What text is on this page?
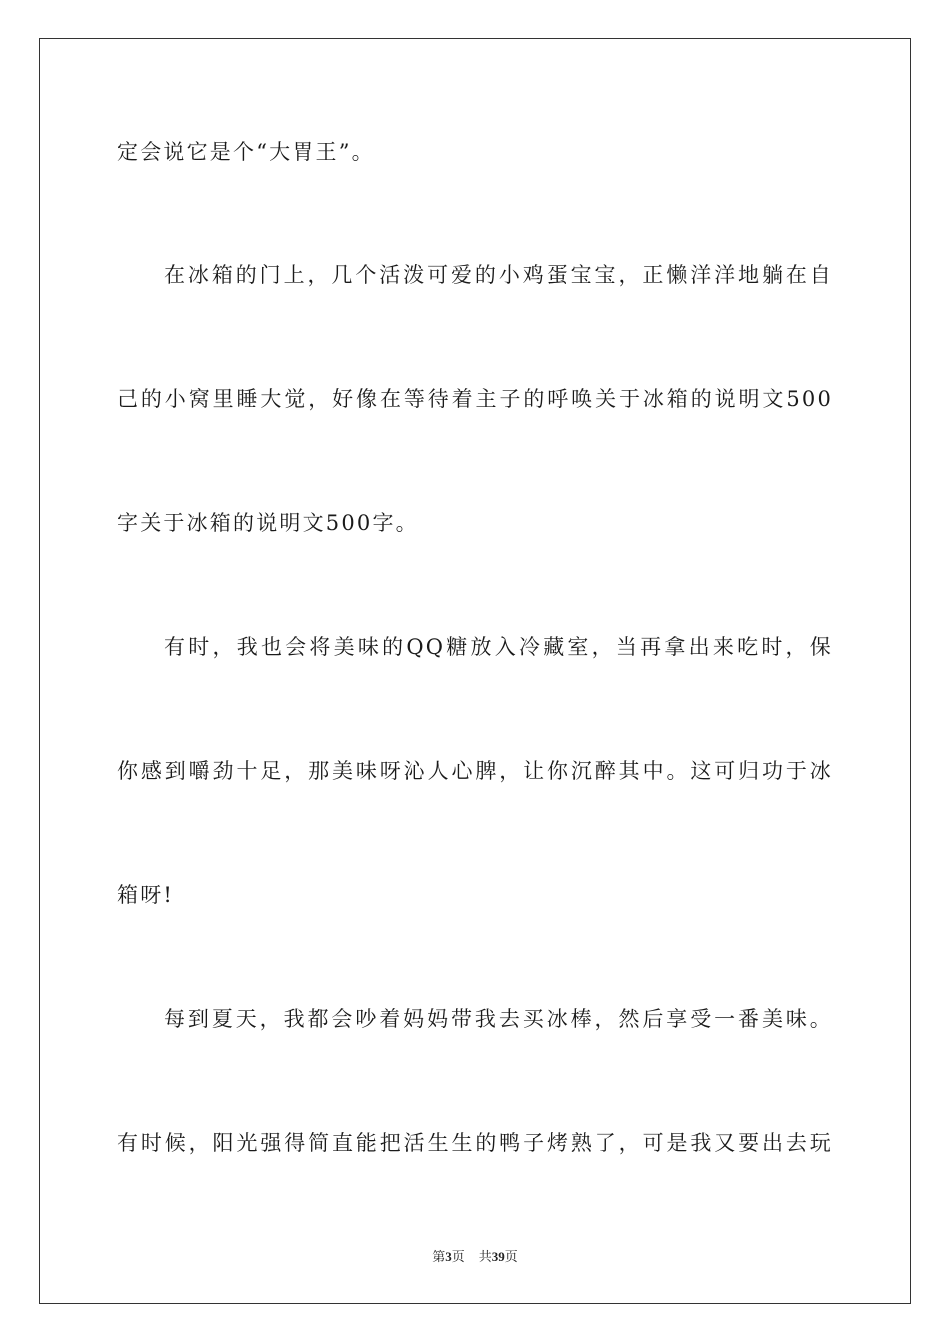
定会说它是个“大胃王”。
在冰箱的门上，几个活泼可爱的小鸡蛋宝宝，正懒洋洋地躺在自
己的小窝里睡大觉，好像在等待着主子的呼唤关于冰箱的说明文500
字关于冰箱的说明文500字。
有时，我也会将美味的QQ糖放入冷藏室，当再拿出来吃时，保
你感到嚼劲十足，那美味呀沁人心脾，让你沉醉其中。这可归功于冰
箱呀!
每到夏天，我都会吵着妈妈带我去买冰棒，然后享受一番美味。
有时候，阳光强得简直能把活生生的鸭子烤熟了，可是我又要出去玩
第3页 共39页
